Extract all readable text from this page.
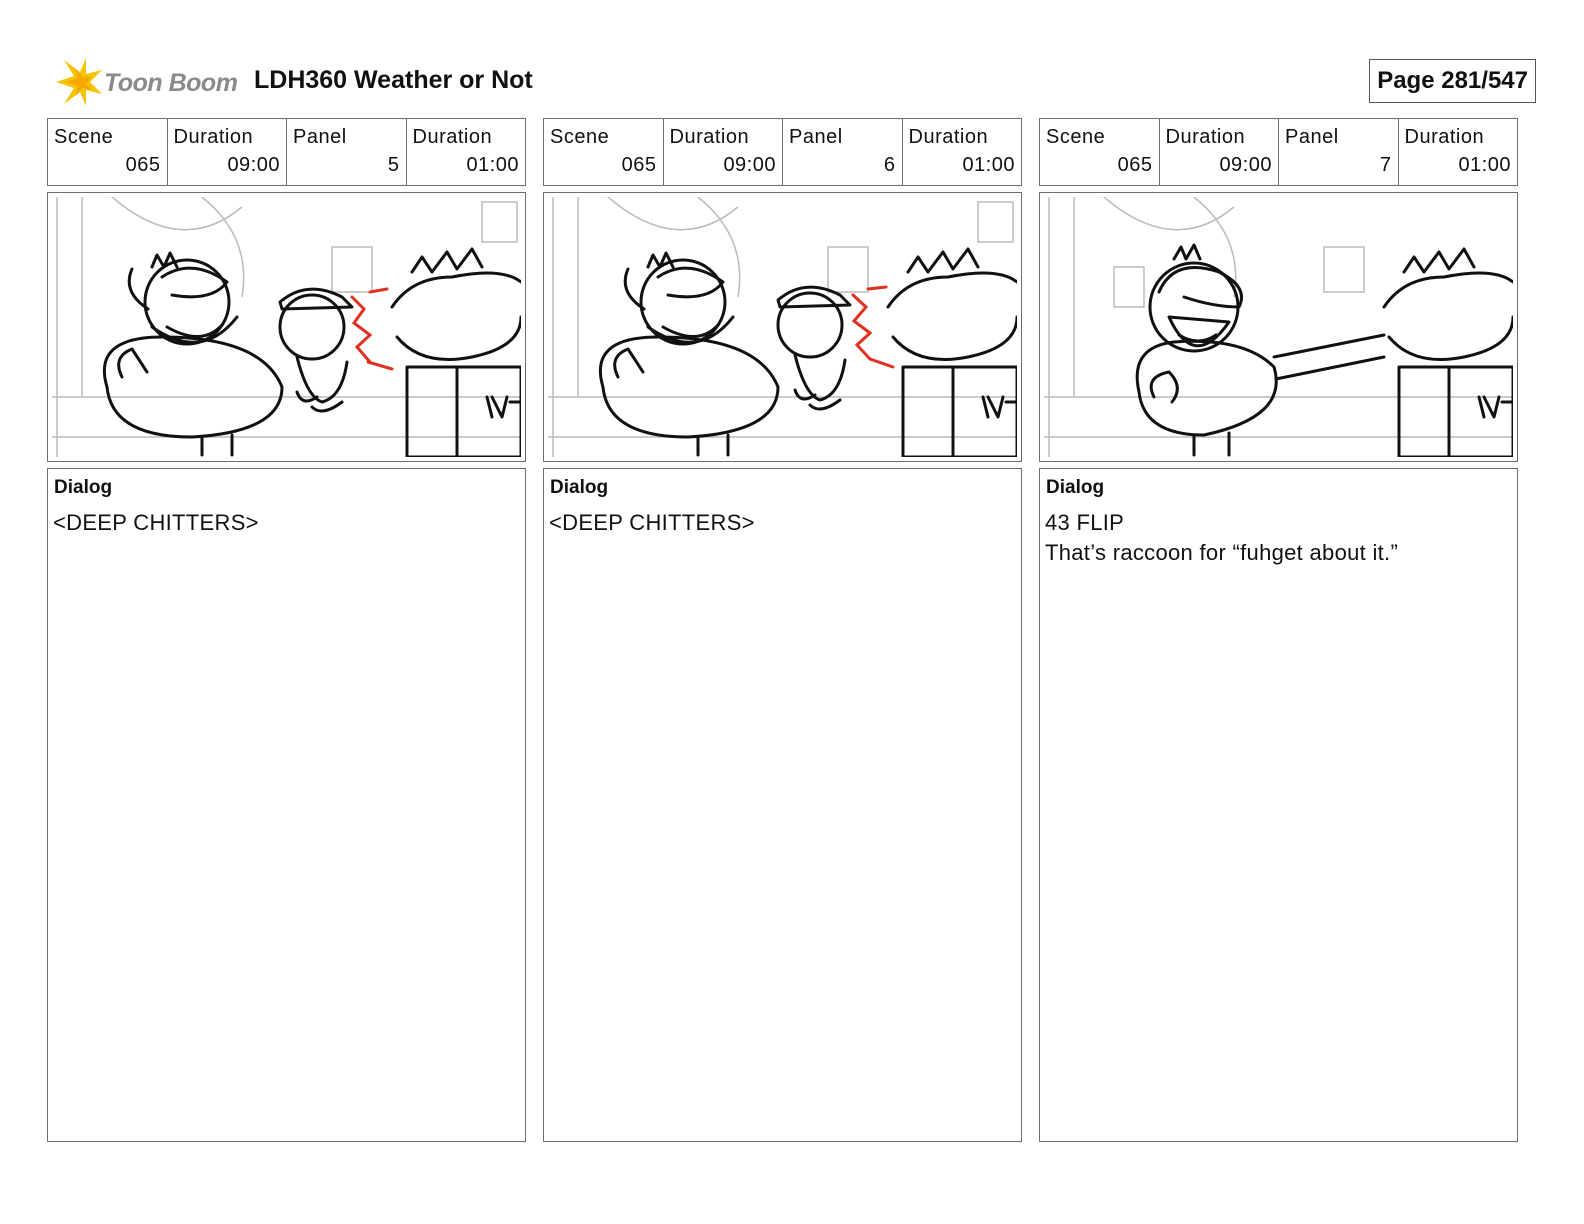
Toon Boom LDH360 Weather or Not	Page 281/547
Scene
065
Duration
09:00
Panel
5
Duration
01:00
Dialog
<DEEP CHITTERS>
Scene
065
Duration
09:00
Panel
6
Duration
01:00
Dialog
<DEEP CHITTERS>
Scene
065
Duration
09:00
Panel
7
Duration
01:00
Dialog
43 FLIP
That’s raccoon for “fuhget about it.”
